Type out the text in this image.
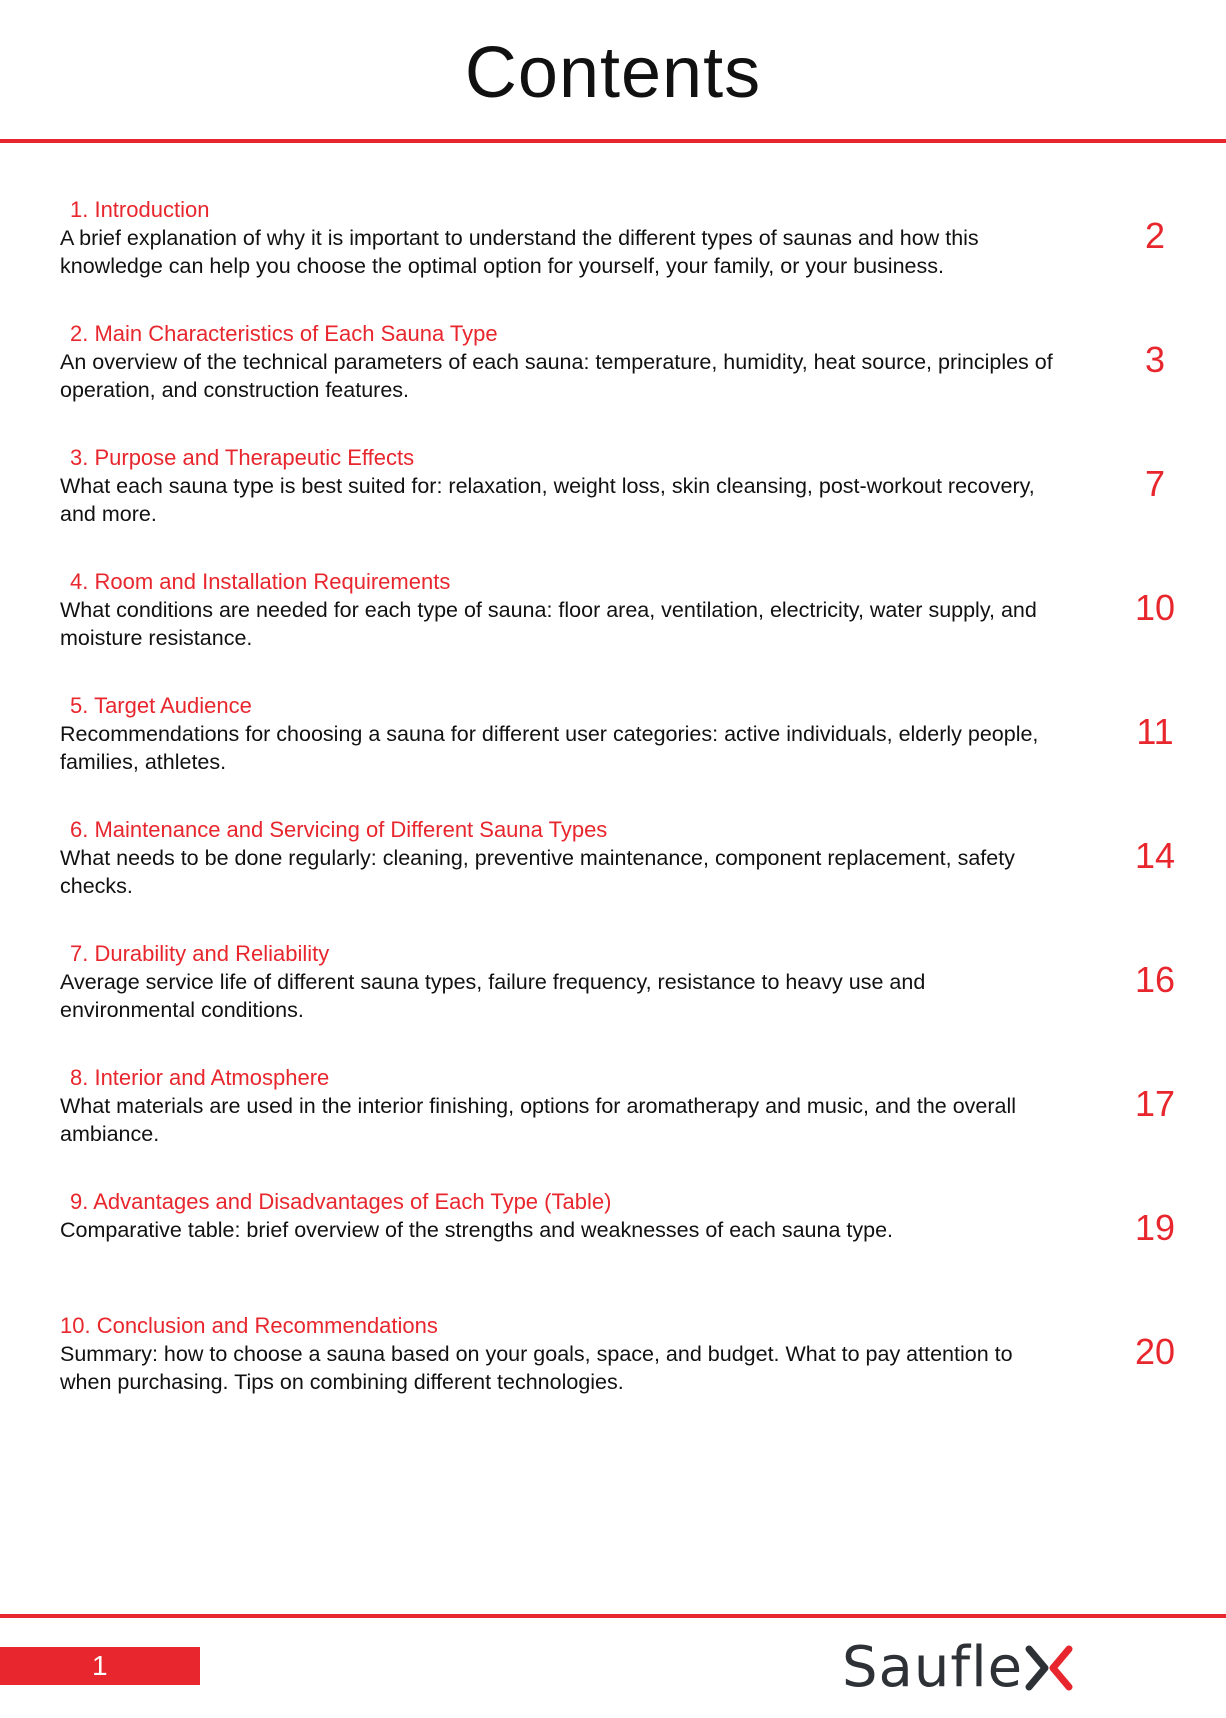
Contents
1. Introduction
A brief explanation of why it is important to understand the different types of saunas and how this knowledge can help you choose the optimal option for yourself, your family, or your business.
2
2. Main Characteristics of Each Sauna Type
An overview of the technical parameters of each sauna: temperature, humidity, heat source, principles of operation, and construction features.
3
3. Purpose and Therapeutic Effects
What each sauna type is best suited for: relaxation, weight loss, skin cleansing, post-workout recovery, and more.
7
4. Room and Installation Requirements
What conditions are needed for each type of sauna: floor area, ventilation, electricity, water supply, and moisture resistance.
10
5. Target Audience
Recommendations for choosing a sauna for different user categories: active individuals, elderly people, families, athletes.
11
6. Maintenance and Servicing of Different Sauna Types
What needs to be done regularly: cleaning, preventive maintenance, component replacement, safety checks.
14
7. Durability and Reliability
Average service life of different sauna types, failure frequency, resistance to heavy use and environmental conditions.
16
8. Interior and Atmosphere
What materials are used in the interior finishing, options for aromatherapy and music, and the overall ambiance.
17
9. Advantages and Disadvantages of Each Type (Table)
Comparative table: brief overview of the strengths and weaknesses of each sauna type.	19
10. Conclusion and Recommendations
Summary: how to choose a sauna based on your goals, space, and budget. What to pay attention to when purchasing. Tips on combining different technologies.
20
1	Saufle
